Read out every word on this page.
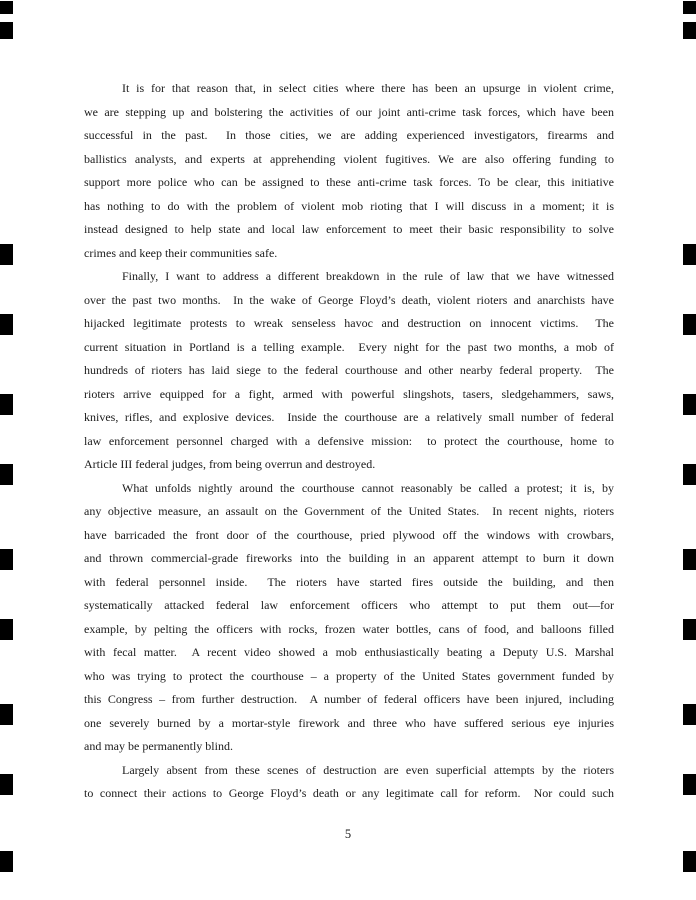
It is for that reason that, in select cities where there has been an upsurge in violent crime,
we are stepping up and bolstering the activities of our joint anti-crime task forces, which have been
successful in the past.  In those cities, we are adding experienced investigators, firearms and
ballistics analysts, and experts at apprehending violent fugitives. We are also offering funding to
support more police who can be assigned to these anti-crime task forces. To be clear, this initiative
has nothing to do with the problem of violent mob rioting that I will discuss in a moment; it is
instead designed to help state and local law enforcement to meet their basic responsibility to solve
crimes and keep their communities safe.
Finally, I want to address a different breakdown in the rule of law that we have witnessed
over the past two months.  In the wake of George Floyd’s death, violent rioters and anarchists have
hijacked legitimate protests to wreak senseless havoc and destruction on innocent victims.  The
current situation in Portland is a telling example.  Every night for the past two months, a mob of
hundreds of rioters has laid siege to the federal courthouse and other nearby federal property.  The
rioters arrive equipped for a fight, armed with powerful slingshots, tasers, sledgehammers, saws,
knives, rifles, and explosive devices.  Inside the courthouse are a relatively small number of federal
law enforcement personnel charged with a defensive mission:  to protect the courthouse, home to
Article III federal judges, from being overrun and destroyed.
What unfolds nightly around the courthouse cannot reasonably be called a protest; it is, by
any objective measure, an assault on the Government of the United States.  In recent nights, rioters
have barricaded the front door of the courthouse, pried plywood off the windows with crowbars,
and thrown commercial-grade fireworks into the building in an apparent attempt to burn it down
with federal personnel inside.  The rioters have started fires outside the building, and then
systematically attacked federal law enforcement officers who attempt to put them out—for
example, by pelting the officers with rocks, frozen water bottles, cans of food, and balloons filled
with fecal matter.  A recent video showed a mob enthusiastically beating a Deputy U.S. Marshal
who was trying to protect the courthouse – a property of the United States government funded by
this Congress – from further destruction.  A number of federal officers have been injured, including
one severely burned by a mortar-style firework and three who have suffered serious eye injuries
and may be permanently blind.
Largely absent from these scenes of destruction are even superficial attempts by the rioters
to connect their actions to George Floyd’s death or any legitimate call for reform.  Nor could such
5
